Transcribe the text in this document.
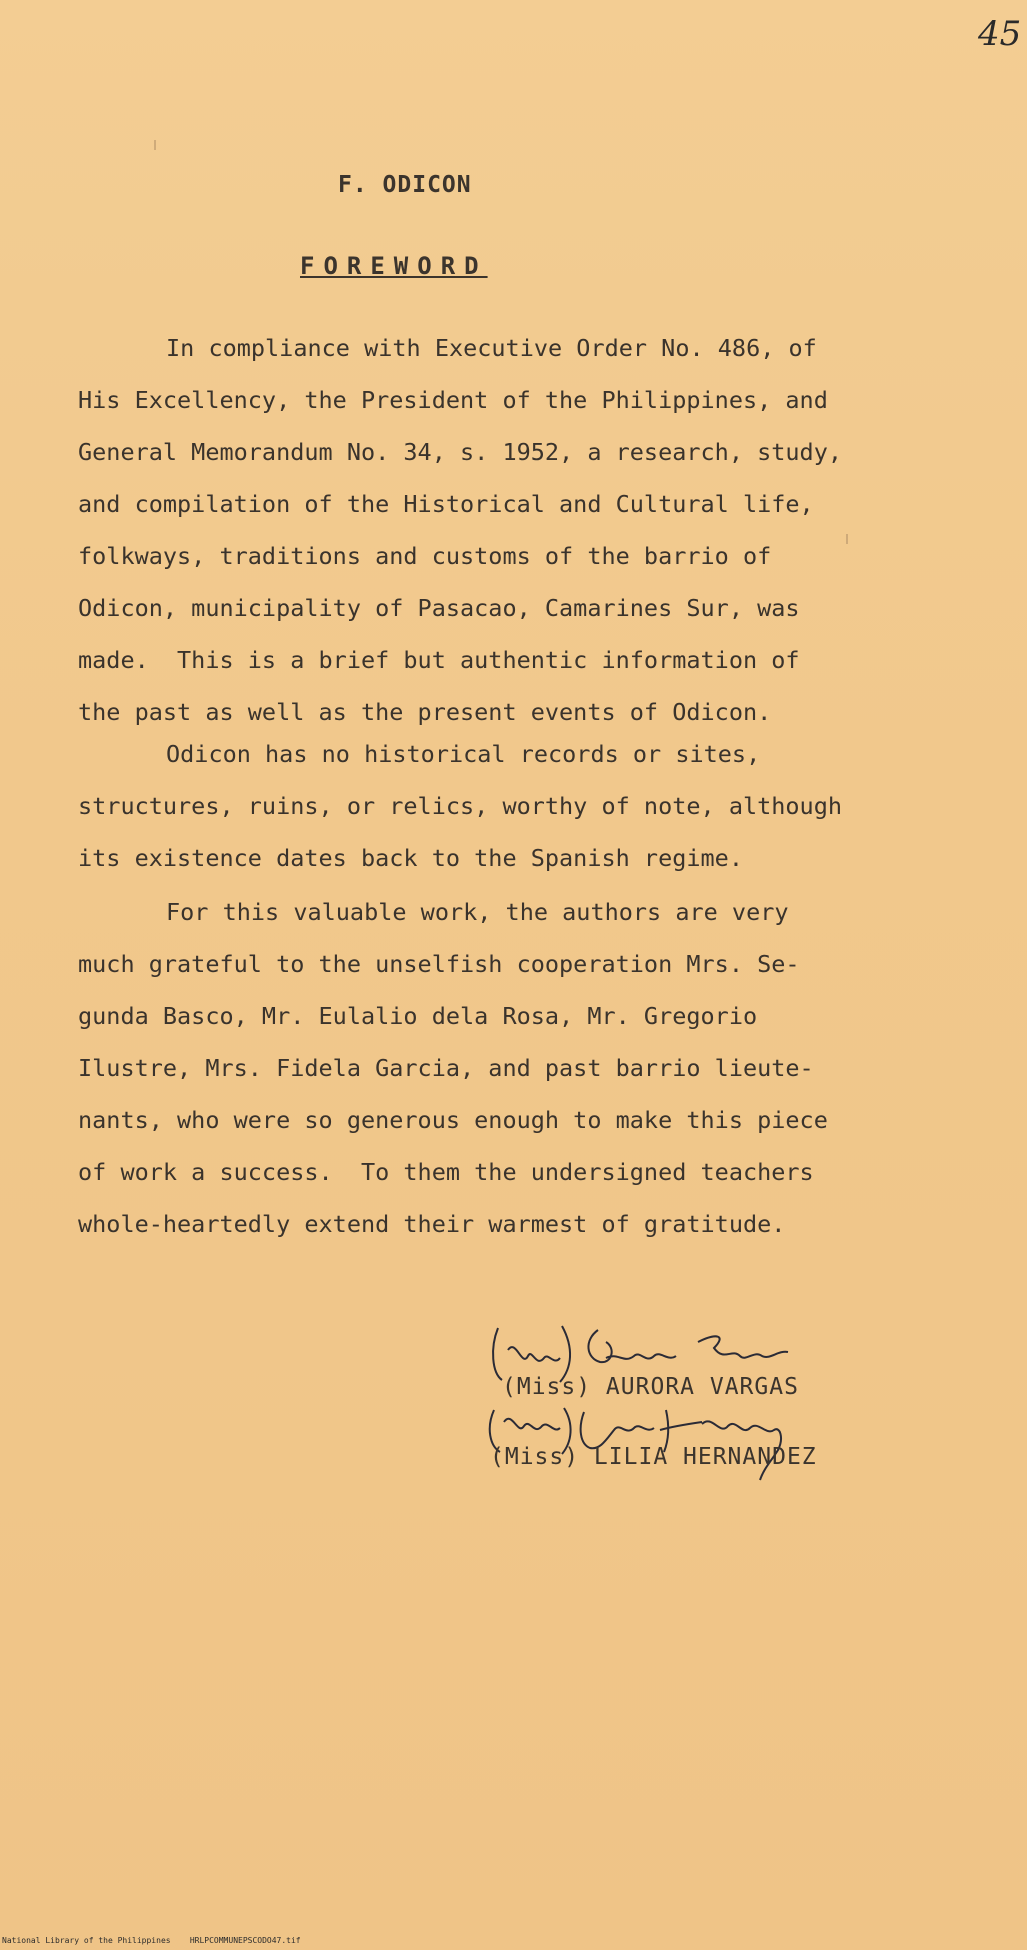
45
F. ODICON
FOREWORD
In compliance with Executive Order No. 486, of
His Excellency, the President of the Philippines, and
General Memorandum No. 34, s. 1952, a research, study,
and compilation of the Historical and Cultural life,
folkways, traditions and customs of the barrio of
Odicon, municipality of Pasacao, Camarines Sur, was
made.  This is a brief but authentic information of
the past as well as the present events of Odicon.
Odicon has no historical records or sites,
structures, ruins, or relics, worthy of note, although
its existence dates back to the Spanish regime.
For this valuable work, the authors are very
much grateful to the unselfish cooperation Mrs. Se-
gunda Basco, Mr. Eulalio dela Rosa, Mr. Gregorio
Ilustre, Mrs. Fidela Garcia, and past barrio lieute-
nants, who were so generous enough to make this piece
of work a success.  To them the undersigned teachers
whole-heartedly extend their warmest of gratitude.
(Miss) AURORA VARGAS
(Miss) LILIA HERNANDEZ
National Library of the Philippines    HRLPCOMMUNEPSCODO47.tif
